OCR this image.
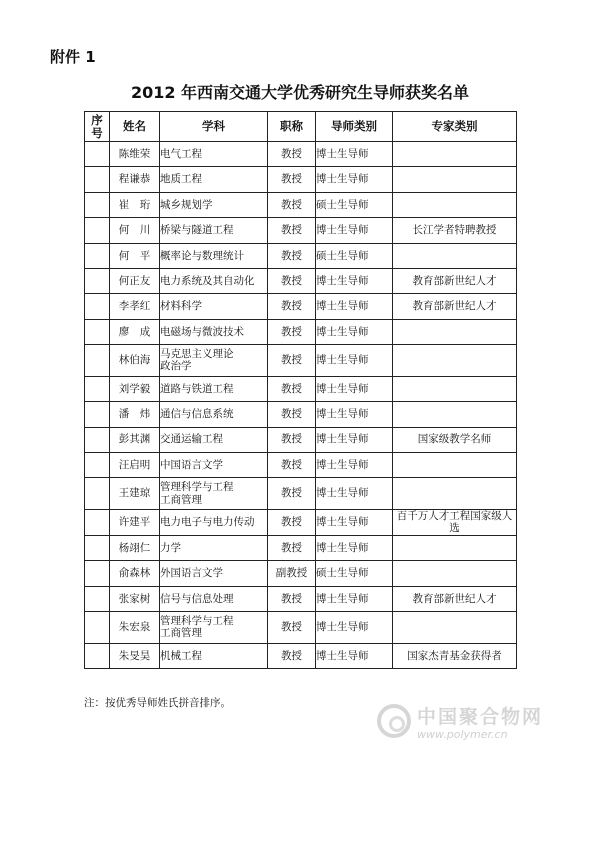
附件 1
2012 年西南交通大学优秀研究生导师获奖名单
序
号	姓名	学科	职称	导师类别	专家类别
	陈维荣	电气工程	教授	博士生导师	
	程谦恭	地质工程	教授	博士生导师	
	崔　珩	城乡规划学	教授	硕士生导师	
	何　川	桥梁与隧道工程	教授	博士生导师	长江学者特聘教授
	何　平	概率论与数理统计	教授	硕士生导师	
	何正友	电力系统及其自动化	教授	博士生导师	教育部新世纪人才
	李孝红	材料科学	教授	博士生导师	教育部新世纪人才
	廖　成	电磁场与微波技术	教授	博士生导师	
	林伯海	马克思主义理论
政治学	教授	博士生导师	
	刘学毅	道路与铁道工程	教授	博士生导师	
	潘　炜	通信与信息系统	教授	博士生导师	
	彭其渊	交通运输工程	教授	博士生导师	国家级教学名师
	汪启明	中国语言文学	教授	博士生导师	
	王建琼	管理科学与工程
工商管理	教授	博士生导师	
	许建平	电力电子与电力传动	教授	博士生导师	百千万人才工程国家级人选
	杨翊仁	力学	教授	博士生导师	
	俞森林	外国语言文学	副教授	硕士生导师	
	张家树	信号与信息处理	教授	博士生导师	教育部新世纪人才
	朱宏泉	管理科学与工程
工商管理	教授	博士生导师	
	朱旻昊	机械工程	教授	博士生导师	国家杰青基金获得者
注：按优秀导师姓氏拼音排序。
中国聚合物网
www.polymer.cn
